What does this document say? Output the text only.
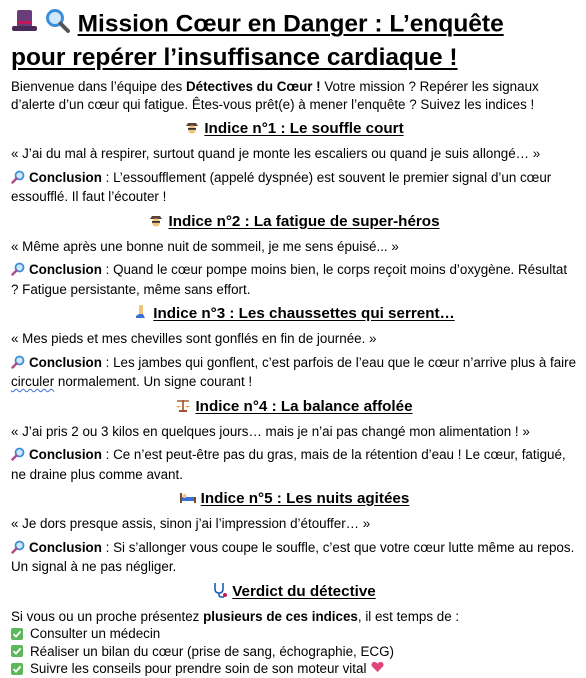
Mission Cœur en Danger : L’enquête
pour repérer l’insuffisance cardiaque !

Bienvenue dans l’équipe des Détectives du Cœur ! Votre mission ? Repérer les signaux d’alerte d’un cœur qui fatigue. Êtes-vous prêt(e) à mener l’enquête ? Suivez les indices !

Indice n°1 : Le souffle court

« J’ai du mal à respirer, surtout quand je monte les escaliers ou quand je suis allongé… »

Conclusion : L’essoufflement (appelé dyspnée) est souvent le premier signal d’un cœur essoufflé. Il faut l’écouter !

Indice n°2 : La fatigue de super-héros

« Même après une bonne nuit de sommeil, je me sens épuisé... »

Conclusion : Quand le cœur pompe moins bien, le corps reçoit moins d’oxygène. Résultat ? Fatigue persistante, même sans effort.

Indice n°3 : Les chaussettes qui serrent…

« Mes pieds et mes chevilles sont gonflés en fin de journée. »

Conclusion : Les jambes qui gonflent, c’est parfois de l’eau que le cœur n’arrive plus à faire circuler normalement. Un signe courant !

Indice n°4 : La balance affolée

« J’ai pris 2 ou 3 kilos en quelques jours… mais je n’ai pas changé mon alimentation ! »

Conclusion : Ce n’est peut-être pas du gras, mais de la rétention d’eau ! Le cœur, fatigué, ne draine plus comme avant.

Indice n°5 : Les nuits agitées

« Je dors presque assis, sinon j’ai l’impression d’étouffer… »

Conclusion : Si s’allonger vous coupe le souffle, c’est que votre cœur lutte même au repos. Un signal à ne pas négliger.

Verdict du détective

Si vous ou un proche présentez plusieurs de ces indices, il est temps de :

Consulter un médecin
Réaliser un bilan du cœur (prise de sang, échographie, ECG)
Suivre les conseils pour prendre soin de son moteur vital
